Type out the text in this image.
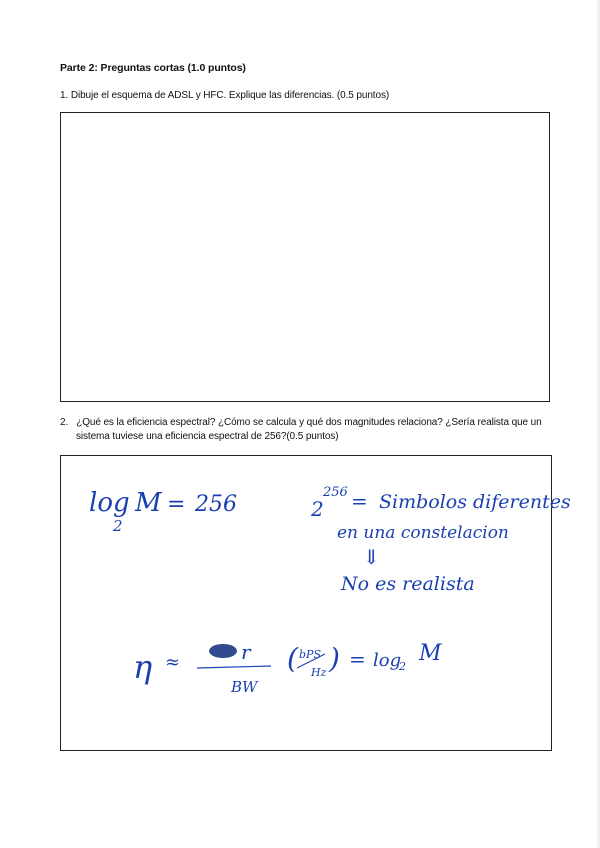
Parte 2: Preguntas cortas (1.0 puntos)
1. Dibuje el esquema de ADSL y HFC. Explique las diferencias. (0.5 puntos)
2. ¿Qué es la eficiencia espectral? ¿Cómo se calcula y qué dos magnitudes relaciona? ¿Sería realista que un
sistema tuviese una eficiencia espectral de 256?(0.5 puntos)
log
2
M = 256	2
256 = Simbolos diferentes
en una constelacion
⇓
No es realista
η ≈	r
BW
( bPS
Hz ) = log
2
M
